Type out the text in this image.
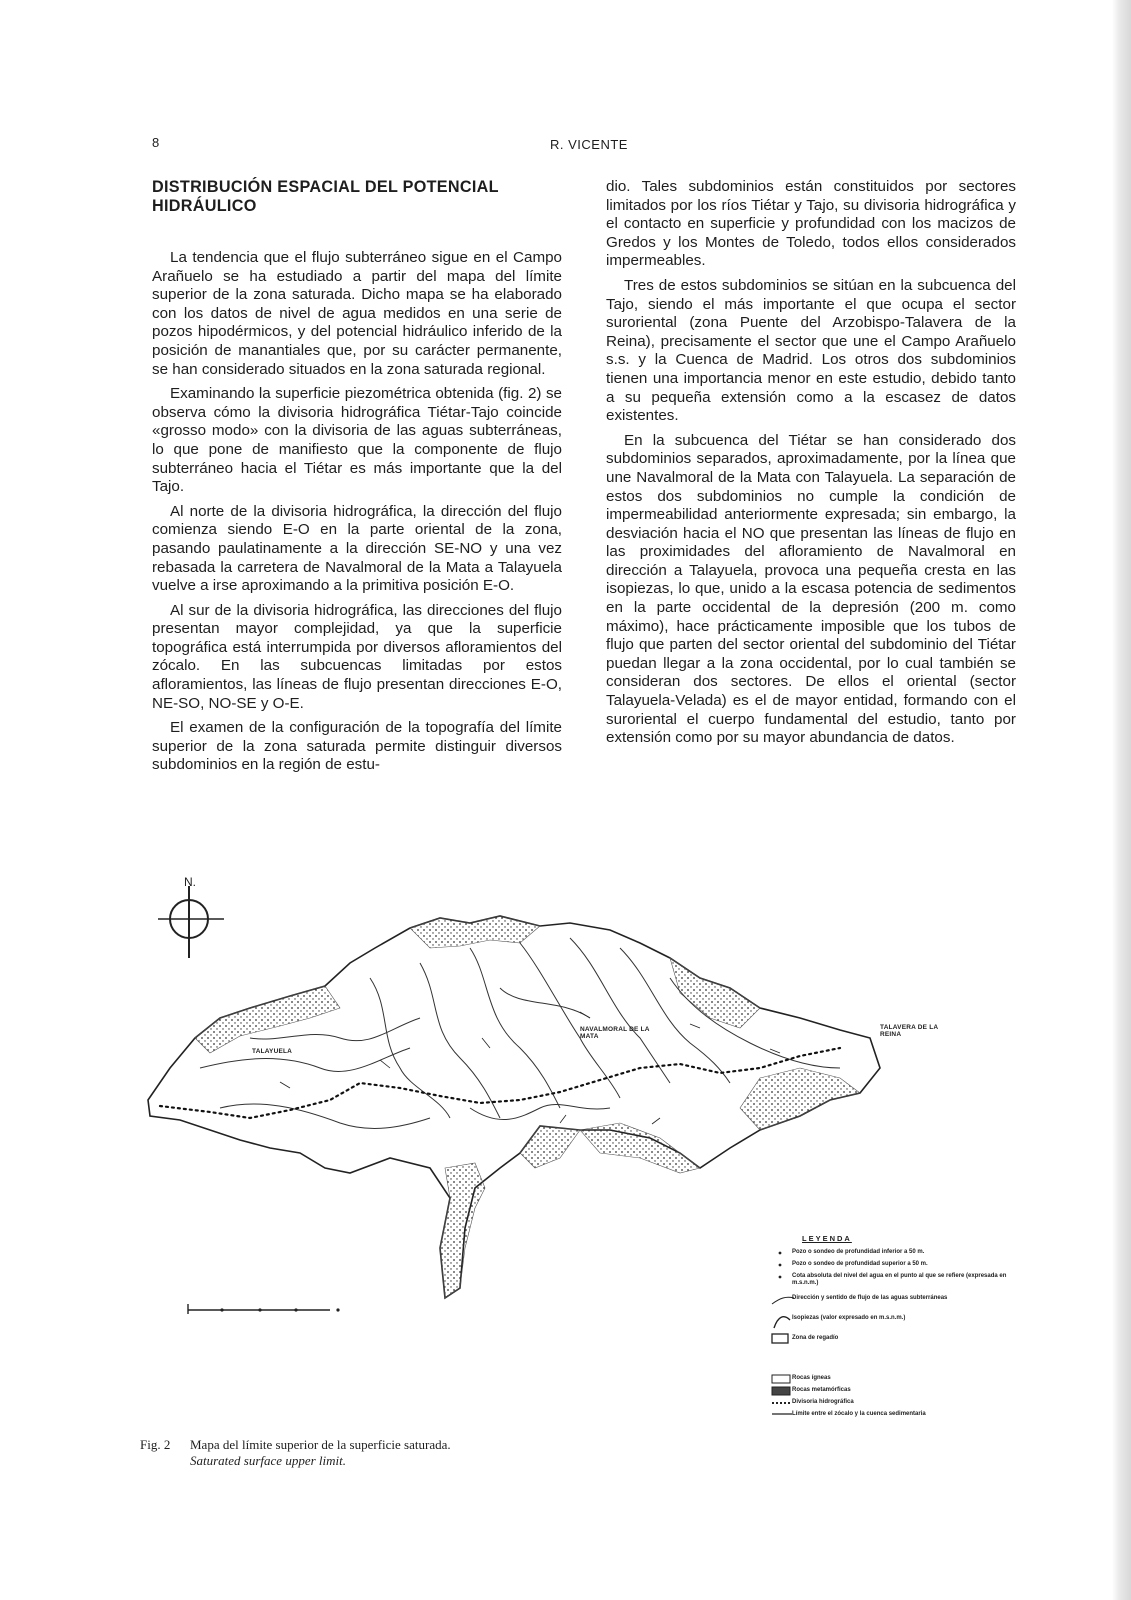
8	R. VICENTE
DISTRIBUCIÓN ESPACIAL DEL POTENCIAL HIDRÁULICO

La tendencia que el flujo subterráneo sigue en el Campo Arañuelo se ha estudiado a partir del mapa del límite superior de la zona saturada. Dicho mapa se ha elaborado con los datos de nivel de agua medidos en una serie de pozos hipodérmicos, y del potencial hidráulico inferido de la posición de manantiales que, por su carácter permanente, se han considerado situados en la zona saturada regional.

Examinando la superficie piezométrica obtenida (fig. 2) se observa cómo la divisoria hidrográfica Tiétar-Tajo coincide «grosso modo» con la divisoria de las aguas subterráneas, lo que pone de manifiesto que la componente de flujo subterráneo hacia el Tiétar es más importante que la del Tajo.

Al norte de la divisoria hidrográfica, la dirección del flujo comienza siendo E-O en la parte oriental de la zona, pasando paulatinamente a la dirección SE-NO y una vez rebasada la carretera de Navalmoral de la Mata a Talayuela vuelve a irse aproximando a la primitiva posición E-O.

Al sur de la divisoria hidrográfica, las direcciones del flujo presentan mayor complejidad, ya que la superficie topográfica está interrumpida por diversos afloramientos del zócalo. En las subcuencas limitadas por estos afloramientos, las líneas de flujo presentan direcciones E-O, NE-SO, NO-SE y O-E.

El examen de la configuración de la topografía del límite superior de la zona saturada permite distinguir diversos subdominios en la región de estu-

dio. Tales subdominios están constituidos por sectores limitados por los ríos Tiétar y Tajo, su divisoria hidrográfica y el contacto en superficie y profundidad con los macizos de Gredos y los Montes de Toledo, todos ellos considerados impermeables.

Tres de estos subdominios se sitúan en la subcuenca del Tajo, siendo el más importante el que ocupa el sector suroriental (zona Puente del Arzobispo-Talavera de la Reina), precisamente el sector que une el Campo Arañuelo s.s. y la Cuenca de Madrid. Los otros dos subdominios tienen una importancia menor en este estudio, debido tanto a su pequeña extensión como a la escasez de datos existentes.

En la subcuenca del Tiétar se han considerado dos subdominios separados, aproximadamente, por la línea que une Navalmoral de la Mata con Talayuela. La separación de estos dos subdominios no cumple la condición de impermeabilidad anteriormente expresada; sin embargo, la desviación hacia el NO que presentan las líneas de flujo en las proximidades del afloramiento de Navalmoral en dirección a Talayuela, provoca una pequeña cresta en las isopiezas, lo que, unido a la escasa potencia de sedimentos en la parte occidental de la depresión (200 m. como máximo), hace prácticamente imposible que los tubos de flujo que parten del sector oriental del subdominio del Tiétar puedan llegar a la zona occidental, por lo cual también se consideran dos sectores. De ellos el oriental (sector Talayuela-Velada) es el de mayor entidad, formando con el suroriental el cuerpo fundamental del estudio, tanto por extensión como por su mayor abundancia de datos.

N.
TALAYUELA
NAVALMORAL DE LA MATA
TALAVERA DE LA REINA
LEYENDA
Pozo o sondeo de profundidad inferior a 50 m.
Pozo o sondeo de profundidad superior a 50 m.
Cota absoluta del nivel del agua en el punto al que se refiere (expresada en m.s.n.m.)
Dirección y sentido de flujo de las aguas subterráneas
Isopiezas (valor expresado en m.s.n.m.)
Zona de regadío
Rocas ígneas
Rocas metamórficas
Divisoria hidrográfica
Límite entre el zócalo y la cuenca sedimentaria
Fig. 2 Mapa del límite superior de la superficie saturada.
Saturated surface upper limit.
